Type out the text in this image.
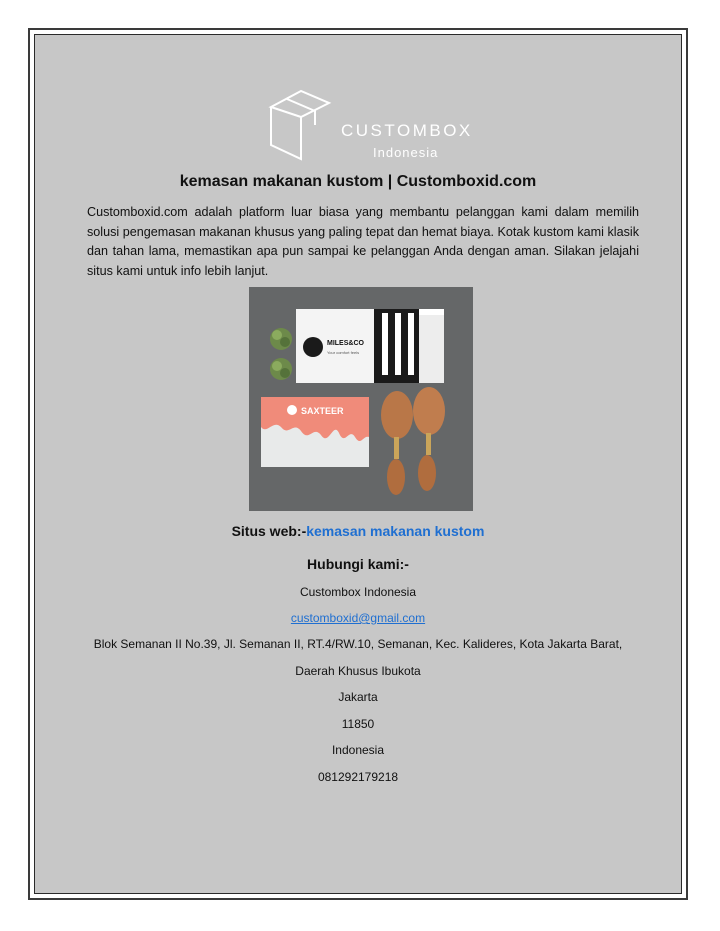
CUSTOMBOX
Indonesia
kemasan makanan kustom | Customboxid.com
Customboxid.com adalah platform luar biasa yang membantu pelanggan kami dalam memilih solusi pengemasan makanan khusus yang paling tepat dan hemat biaya. Kotak kustom kami klasik dan tahan lama, memastikan apa pun sampai ke pelanggan Anda dengan aman. Silakan jelajahi situs kami untuk info lebih lanjut.
MILES&CO
Your comfort feels
SAXTEER
Situs web:-kemasan makanan kustom
Hubungi kami:-
Custombox Indonesia
customboxid@gmail.com
Blok Semanan II No.39, Jl. Semanan II, RT.4/RW.10, Semanan, Kec. Kalideres, Kota Jakarta Barat,
Daerah Khusus Ibukota
Jakarta
11850
Indonesia
081292179218
